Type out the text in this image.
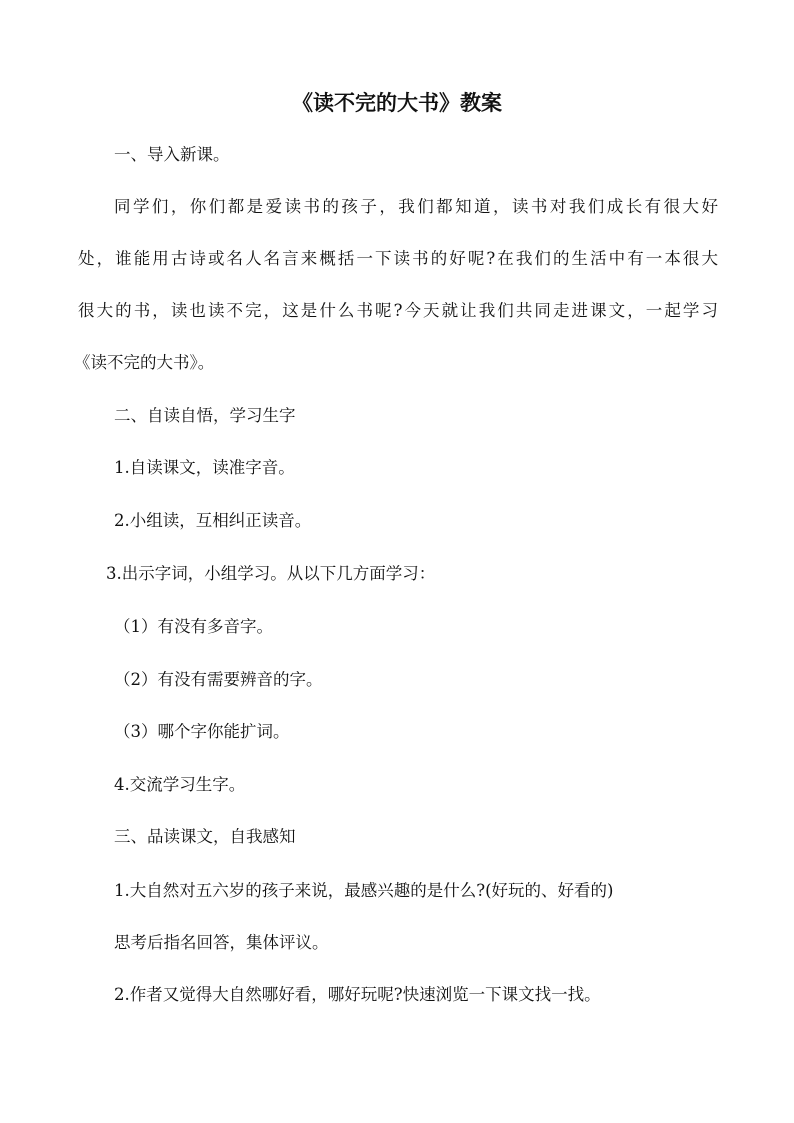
《读不完的大书》教案
一、导入新课。
同学们，你们都是爱读书的孩子，我们都知道，读书对我们成长有很大好
处，谁能用古诗或名人名言来概括一下读书的好呢?在我们的生活中有一本很大
很大的书，读也读不完，这是什么书呢?今天就让我们共同走进课文，一起学习
《读不完的大书》。
二、自读自悟，学习生字
1.自读课文，读准字音。
2.小组读，互相纠正读音。
3.出示字词，小组学习。从以下几方面学习：
（1）有没有多音字。
（2）有没有需要辨音的字。
（3）哪个字你能扩词。
4.交流学习生字。
三、品读课文，自我感知
1.大自然对五六岁的孩子来说，最感兴趣的是什么?(好玩的、好看的)
思考后指名回答，集体评议。
2.作者又觉得大自然哪好看，哪好玩呢?快速浏览一下课文找一找。
